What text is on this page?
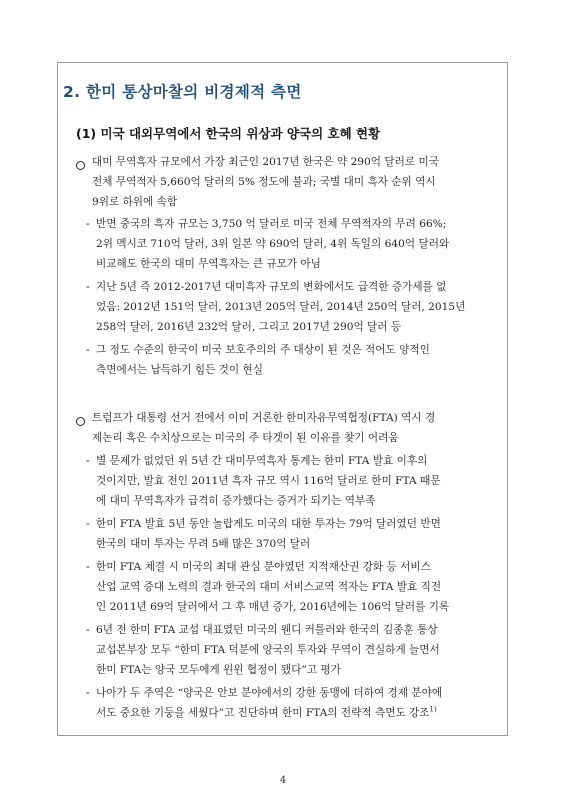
2. 한미 통상마찰의 비경제적 측면
(1) 미국 대외무역에서 한국의 위상과 양국의 호혜 현황
대미 무역흑자 규모에서 가장 최근인 2017년 한국은 약 290억 달러로 미국
전체 무역적자 5,660억 달러의 5% 정도에 불과; 국별 대미 흑자 순위 역시
9위로 하위에 속함
- 반면 중국의 흑자 규모는 3,750 억 달러로 미국 전체 무역적자의 무려 66%;
2위 멕시코 710억 달러, 3위 일본 약 690억 달러, 4위 독일의 640억 달러와
비교해도 한국의 대미 무역흑자는 큰 규모가 아님
- 지난 5년 즉 2012-2017년 대미흑자 규모의 변화에서도 급격한 증가세를 없
었음: 2012년 151억 달러, 2013년 205억 달러, 2014년 250억 달러, 2015년
258억 달러, 2016년 232억 달러, 그리고 2017년 290억 달러 등
- 그 정도 수준의 한국이 미국 보호주의의 주 대상이 된 것은 적어도 양적인
측면에서는 납득하기 힘든 것이 현실
트럼프가 대통령 선거 전에서 이미 거론한 한미자유무역협정(FTA) 역시 경
제논리 혹은 수치상으로는 미국의 주 타겟이 된 이유를 찾기 어려움
- 별 문제가 없었던 위 5년 간 대미무역흑자 통계는 한미 FTA 발효 이후의
것이지만, 발효 전인 2011년 흑자 규모 역시 116억 달러로 한미 FTA 때문
에 대미 무역흑자가 급격히 증가했다는 증거가 되기는 역부족
- 한미 FTA 발효 5년 동안 놀랍게도 미국의 대한 투자는 79억 달러였던 반면
한국의 대미 투자는 무려 5배 많은 370억 달러
- 한미 FTA 체결 시 미국의 최대 관심 분야였던 지적재산권 강화 등 서비스
산업 교역 증대 노력의 결과 한국의 대미 서비스교역 적자는 FTA 발효 직전
인 2011년 69억 달러에서 그 후 매년 증가, 2016년에는 106억 달러를 기록
- 6년 전 한미 FTA 교섭 대표였던 미국의 웬디 커틀러와 한국의 김종훈 통상
교섭본부장 모두 “한미 FTA 덕분에 양국의 투자와 무역이 견실하게 늘면서
한미 FTA는 양국 모두에게 윈윈 협정이 됐다”고 평가
- 나아가 두 주역은 “양국은 안보 분야에서의 강한 동맹에 더하여 경제 분야에
서도 중요한 기둥을 세웠다”고 진단하며 한미 FTA의 전략적 측면도 강조$^{1)}$
4
